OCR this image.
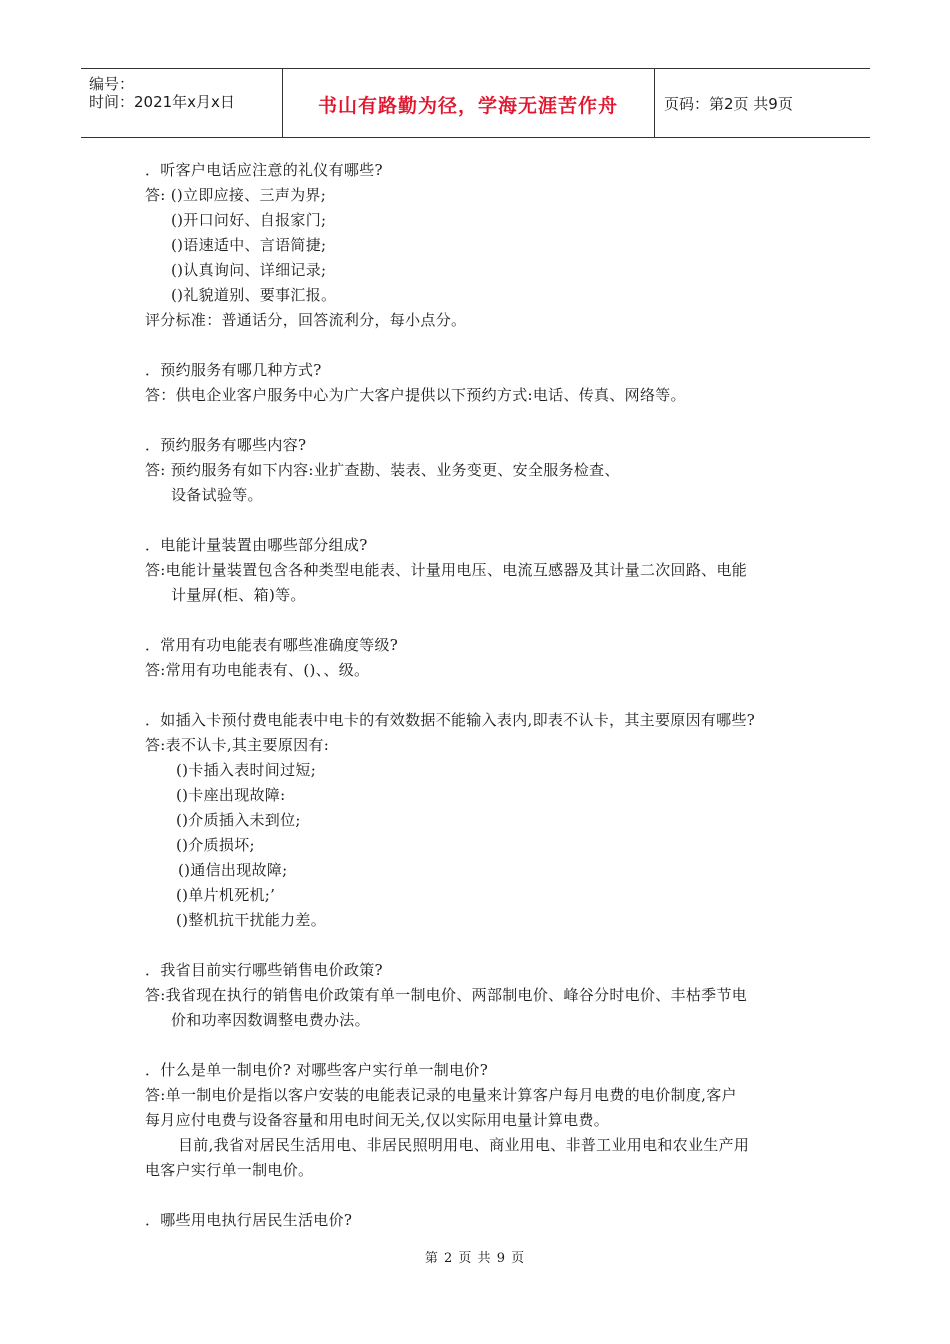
编号：
时间：2021年x月x日	书山有路勤为径，学海无涯苦作舟	页码：第2页 共9页
．听客户电话应注意的礼仪有哪些?
答: ()立即应接、三声为界;
()开口问好、自报家门;
()语速适中、言语简捷;
()认真询问、详细记录;
()礼貌道别、要事汇报。
评分标准：普通话分，回答流利分，每小点分。
．预约服务有哪几种方式?
答：供电企业客户服务中心为广大客户提供以下预约方式:电话、传真、网络等。
．预约服务有哪些内容?
答: 预约服务有如下内容:业扩查勘、装表、业务变更、安全服务检查、
设备试验等。
．电能计量装置由哪些部分组成?
答:电能计量装置包含各种类型电能表、计量用电压、电流互感器及其计量二次回路、电能
计量屏(柜、箱)等。
．常用有功电能表有哪些准确度等级?
答:常用有功电能表有、()、、级。
．如插入卡预付费电能表中电卡的有效数据不能输入表内,即表不认卡，其主要原因有哪些?
答:表不认卡,其主要原因有:
()卡插入表时间过短;
()卡座出现故障:
()介质插入未到位;
()介质损坏;
()通信出现故障;
()单片机死机;’
()整机抗干扰能力差。
．我省目前实行哪些销售电价政策?
答:我省现在执行的销售电价政策有单一制电价、两部制电价、峰谷分时电价、丰枯季节电
价和功率因数调整电费办法。
．什么是单一制电价? 对哪些客户实行单一制电价?
答:单一制电价是指以客户安装的电能表记录的电量来计算客户每月电费的电价制度,客户
每月应付电费与设备容量和用电时间无关,仅以实际用电量计算电费。
目前,我省对居民生活用电、非居民照明用电、商业用电、非普工业用电和农业生产用
电客户实行单一制电价。
．哪些用电执行居民生活电价?
第 2 页 共 9 页
